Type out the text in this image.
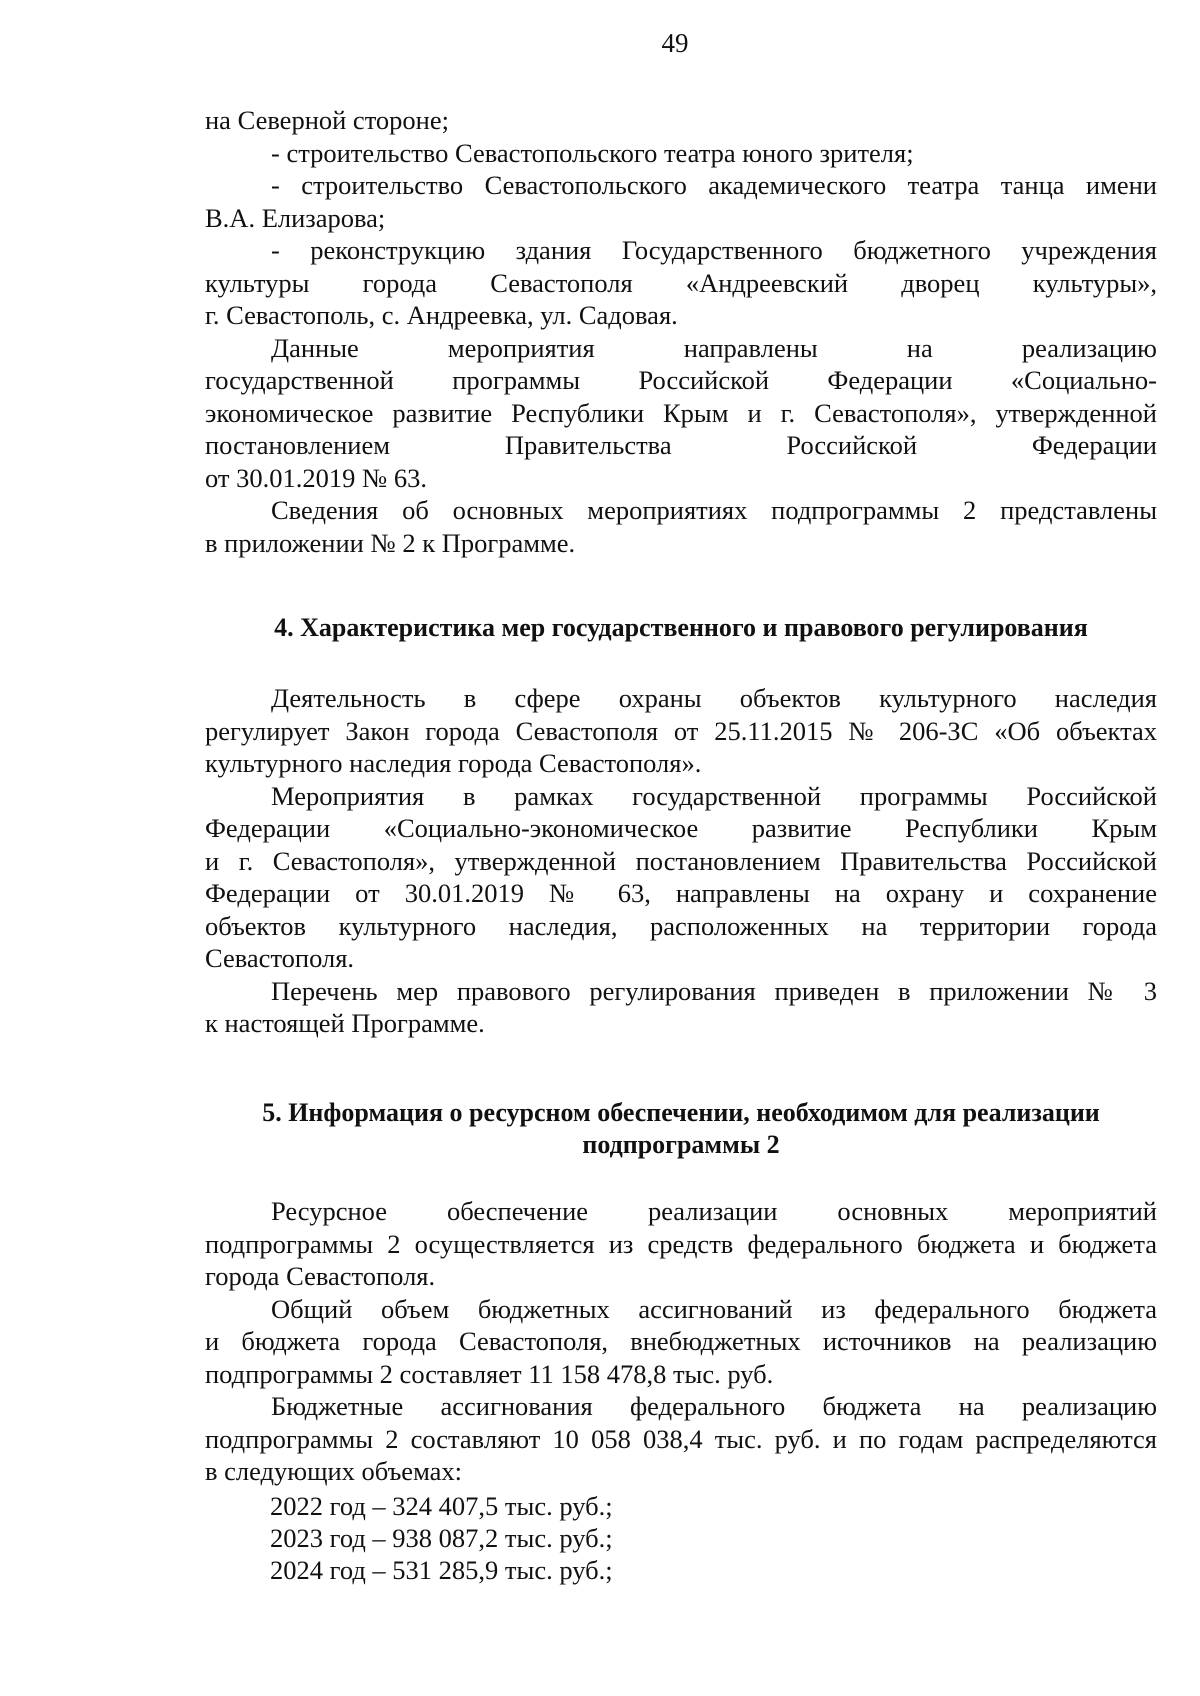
49

на Северной стороне;

- строительство Севастопольского театра юного зрителя;

- строительство Севастопольского академического театра танца имени

В.А. Елизарова;

- реконструкцию здания Государственного бюджетного учреждения

культуры города Севастополя «Андреевский дворец культуры»,

г. Севастополь, с. Андреевка, ул. Садовая.

Данные мероприятия направлены на реализацию

государственной программы Российской Федерации «Социально-

экономическое развитие Республики Крым и г. Севастополя», утвержденной

постановлением Правительства Российской Федерации

от 30.01.2019 № 63.

Сведения об основных мероприятиях подпрограммы 2 представлены

в приложении № 2 к Программе.

4. Характеристика мер государственного и правового регулирования

Деятельность в сфере охраны объектов культурного наследия

регулирует Закон города Севастополя от 25.11.2015 № 206-ЗС «Об объектах

культурного наследия города Севастополя».

Мероприятия в рамках государственной программы Российской

Федерации «Социально-экономическое развитие Республики Крым

и г. Севастополя», утвержденной постановлением Правительства Российской

Федерации от 30.01.2019 № 63, направлены на охрану и сохранение

объектов культурного наследия, расположенных на территории города

Севастополя.

Перечень мер правового регулирования приведен в приложении № 3

к настоящей Программе.

5. Информация о ресурсном обеспечении, необходимом для реализации
подпрограммы 2

Ресурсное обеспечение реализации основных мероприятий

подпрограммы 2 осуществляется из средств федерального бюджета и бюджета

города Севастополя.

Общий объем бюджетных ассигнований из федерального бюджета

и бюджета города Севастополя, внебюджетных источников на реализацию

подпрограммы 2 составляет 11 158 478,8 тыс. руб.

Бюджетные ассигнования федерального бюджета на реализацию

подпрограммы 2 составляют 10 058 038,4 тыс. руб. и по годам распределяются

в следующих объемах:

2022 год – 324 407,5 тыс. руб.;
2023 год – 938 087,2 тыс. руб.;
2024 год – 531 285,9 тыс. руб.;
